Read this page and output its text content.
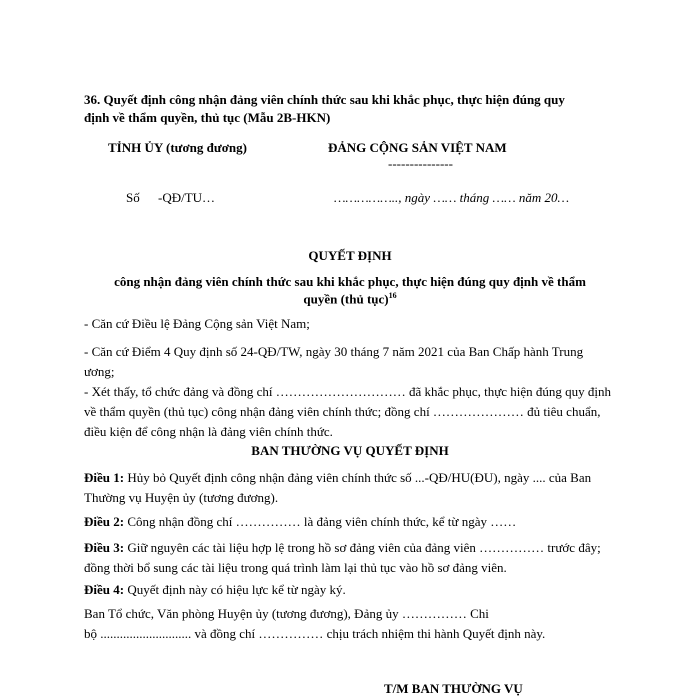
36. Quyết định công nhận đảng viên chính thức sau khi khắc phục, thực hiện đúng quy
định về thẩm quyền, thủ tục (Mẫu 2B-HKN)
TỈNH ỦY (tương đương)	ĐẢNG CỘNG SẢN VIỆT NAM
---------------
Số -QĐ/TU…	…………….., ngày …… tháng …… năm 20…
QUYẾT ĐỊNH
công nhận đảng viên chính thức sau khi khắc phục, thực hiện đúng quy định về thẩm
quyền (thủ tục)$^{16}$
- Căn cứ Điều lệ Đảng Cộng sản Việt Nam;
- Căn cứ Điểm 4 Quy định số 24-QĐ/TW, ngày 30 tháng 7 năm 2021 của Ban Chấp hành Trung ương;
- Xét thấy, tổ chức đảng và đồng chí ………………………… đã khắc phục, thực hiện đúng quy định về thẩm quyền (thủ tục) công nhận đảng viên chính thức; đồng chí ………………… đủ tiêu chuẩn, điều kiện để công nhận là đảng viên chính thức.
BAN THƯỜNG VỤ QUYẾT ĐỊNH
Điều 1: Hủy bỏ Quyết định công nhận đảng viên chính thức số ...-QĐ/HU(ĐU), ngày .... của Ban Thường vụ Huyện ủy (tương đương).
Điều 2: Công nhận đồng chí …………… là đảng viên chính thức, kể từ ngày ……
Điều 3: Giữ nguyên các tài liệu hợp lệ trong hồ sơ đảng viên của đảng viên …………… trước đây; đồng thời bổ sung các tài liệu trong quá trình làm lại thủ tục vào hồ sơ đảng viên.
Điều 4: Quyết định này có hiệu lực kể từ ngày ký.
Ban Tổ chức, Văn phòng Huyện ủy (tương đương), Đảng ủy …………… Chi
bộ ............................ và đồng chí …………… chịu trách nhiệm thi hành Quyết định này.
T/M BAN THƯỜNG VỤ
